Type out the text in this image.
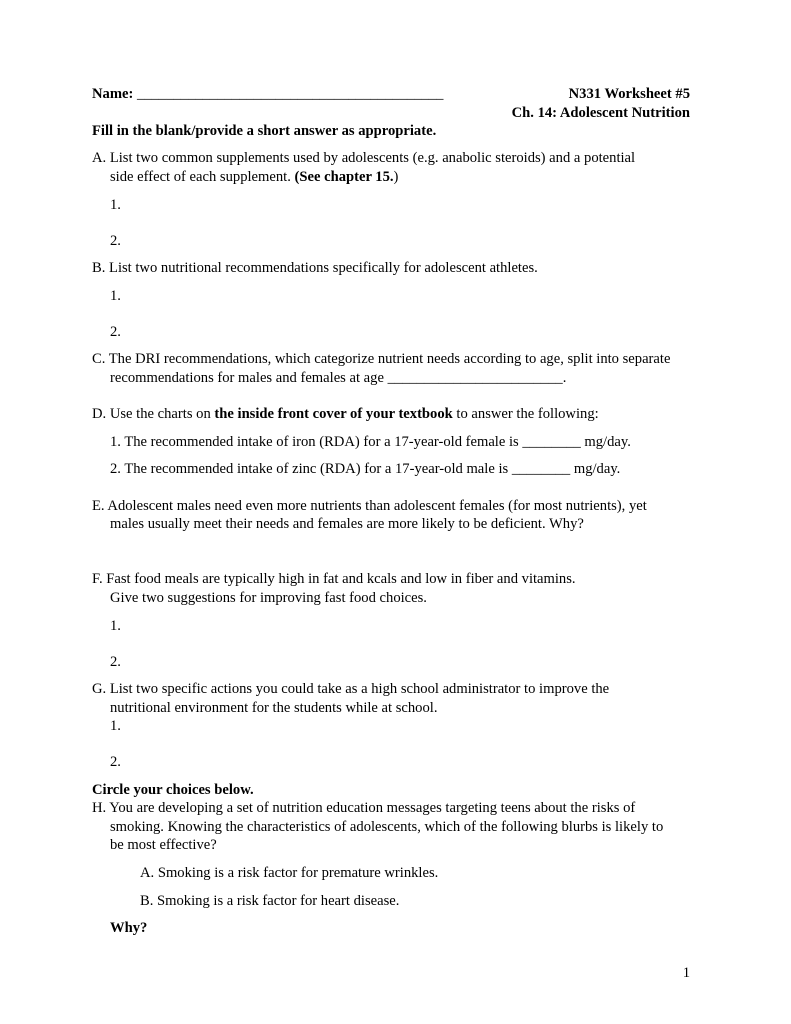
Name: __________________________________________	N331 Worksheet #5
Ch. 14: Adolescent Nutrition
Fill in the blank/provide a short answer as appropriate.
A. List two common supplements used by adolescents (e.g. anabolic steroids) and a potential
side effect of each supplement. (See chapter 15.)
1.
2.
B. List two nutritional recommendations specifically for adolescent athletes.
1.
2.
C. The DRI recommendations, which categorize nutrient needs according to age, split into separate
recommendations for males and females at age ________________________.
D. Use the charts on the inside front cover of your textbook to answer the following:
1. The recommended intake of iron (RDA) for a 17-year-old female is ________ mg/day.
2. The recommended intake of zinc (RDA) for a 17-year-old male is ________ mg/day.
E. Adolescent males need even more nutrients than adolescent females (for most nutrients), yet
males usually meet their needs and females are more likely to be deficient. Why?
F. Fast food meals are typically high in fat and kcals and low in fiber and vitamins.
Give two suggestions for improving fast food choices.
1.
2.
G. List two specific actions you could take as a high school administrator to improve the
nutritional environment for the students while at school.
1.
2.
Circle your choices below.
H. You are developing a set of nutrition education messages targeting teens about the risks of
smoking. Knowing the characteristics of adolescents, which of the following blurbs is likely to
be most effective?
A. Smoking is a risk factor for premature wrinkles.
B. Smoking is a risk factor for heart disease.
Why?
1
